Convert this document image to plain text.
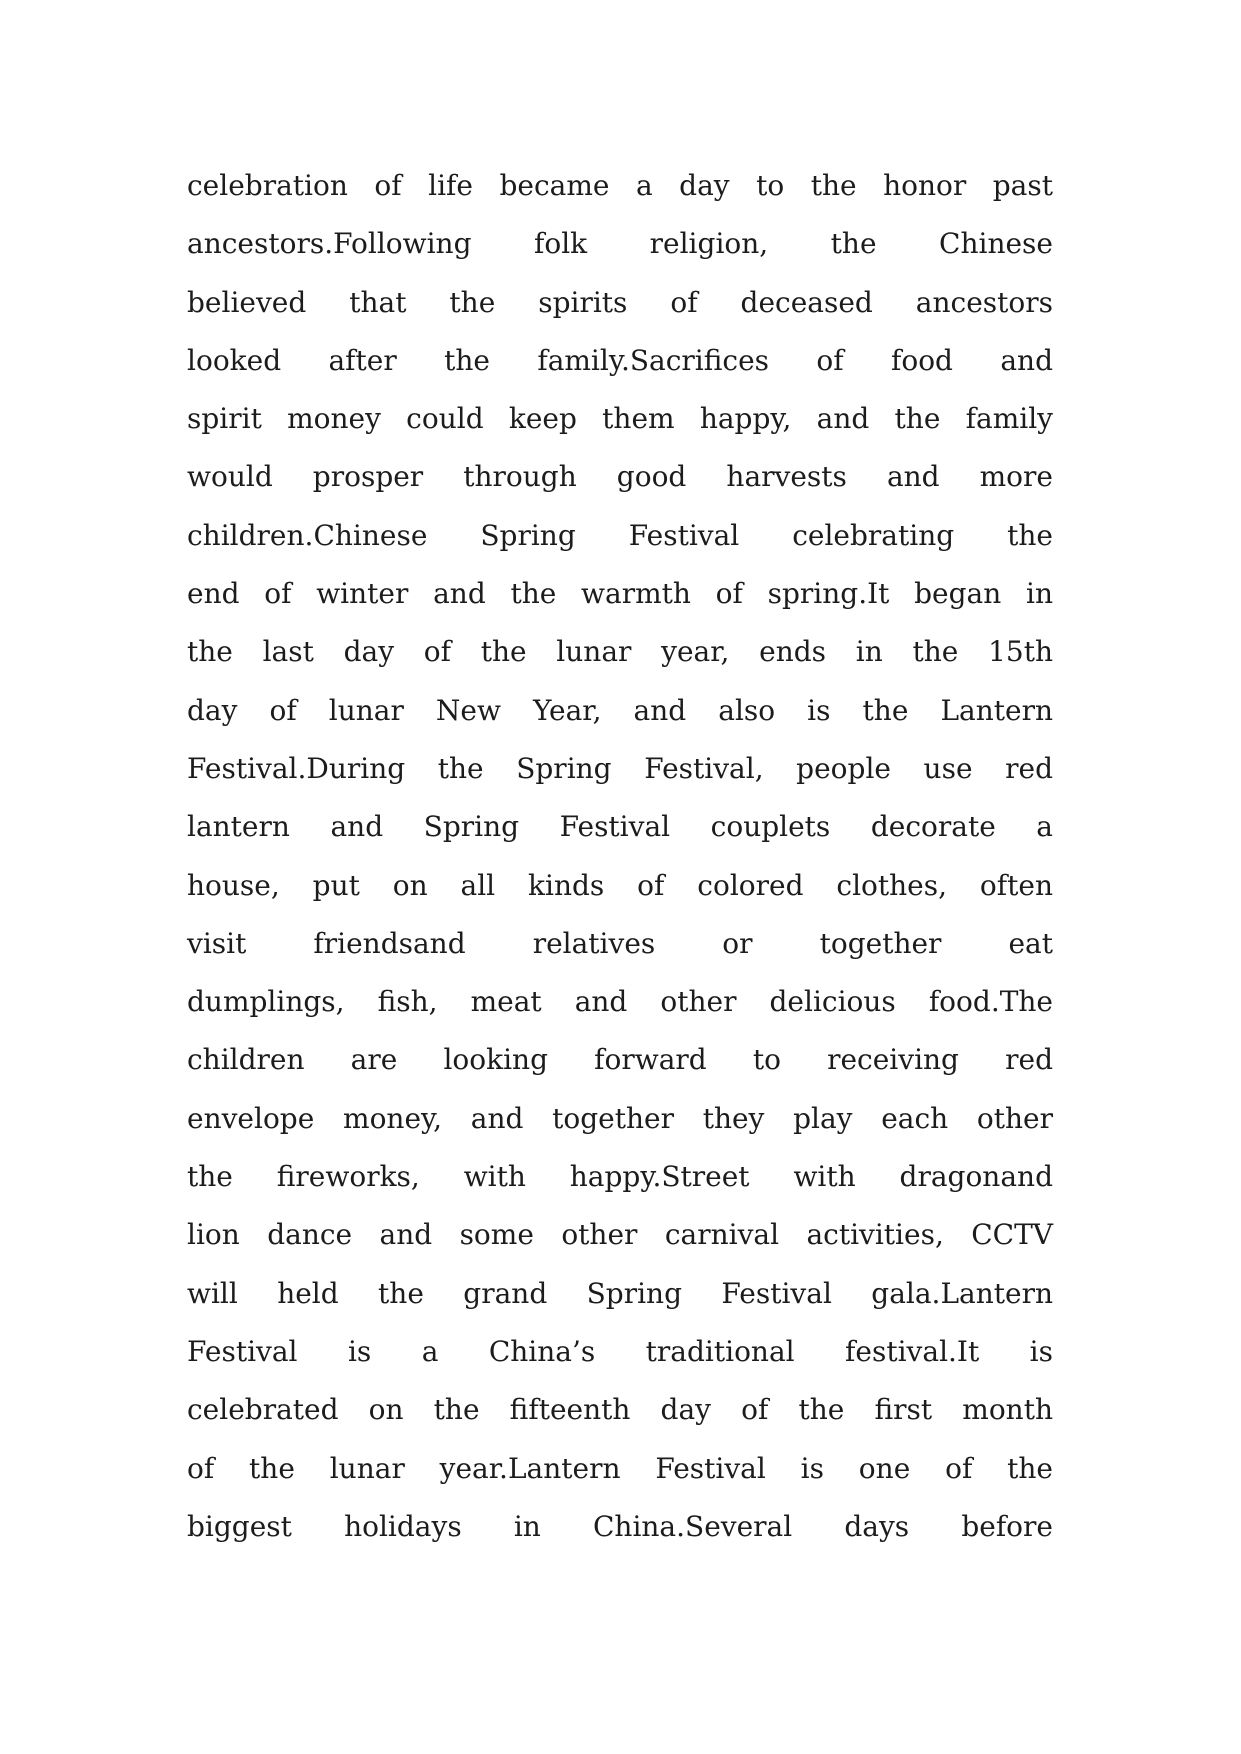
celebration of life became a day to the honor past
ancestors.Following folk religion, the Chinese
believed that the spirits of deceased ancestors
looked after the family.Sacrifices of food and
spirit money could keep them happy, and the family
would prosper through good harvests and more
children.Chinese Spring Festival celebrating the
end of winter and the warmth of spring.It began in
the last day of the lunar year, ends in the 15th
day of lunar New Year, and also is the Lantern
Festival.During the Spring Festival, people use red
lantern and Spring Festival couplets decorate a
house, put on all kinds of colored clothes, often
visit friendsand relatives or together eat
dumplings, fish, meat and other delicious food.The
children are looking forward to receiving red
envelope money, and together they play each other
the fireworks, with happy.Street with dragonand
lion dance and some other carnival activities, CCTV
will held the grand Spring Festival gala.Lantern
Festival is a China’s traditional festival.It is
celebrated on the fifteenth day of the first month
of the lunar year.Lantern Festival is one of the
biggest holidays in China.Several days before
